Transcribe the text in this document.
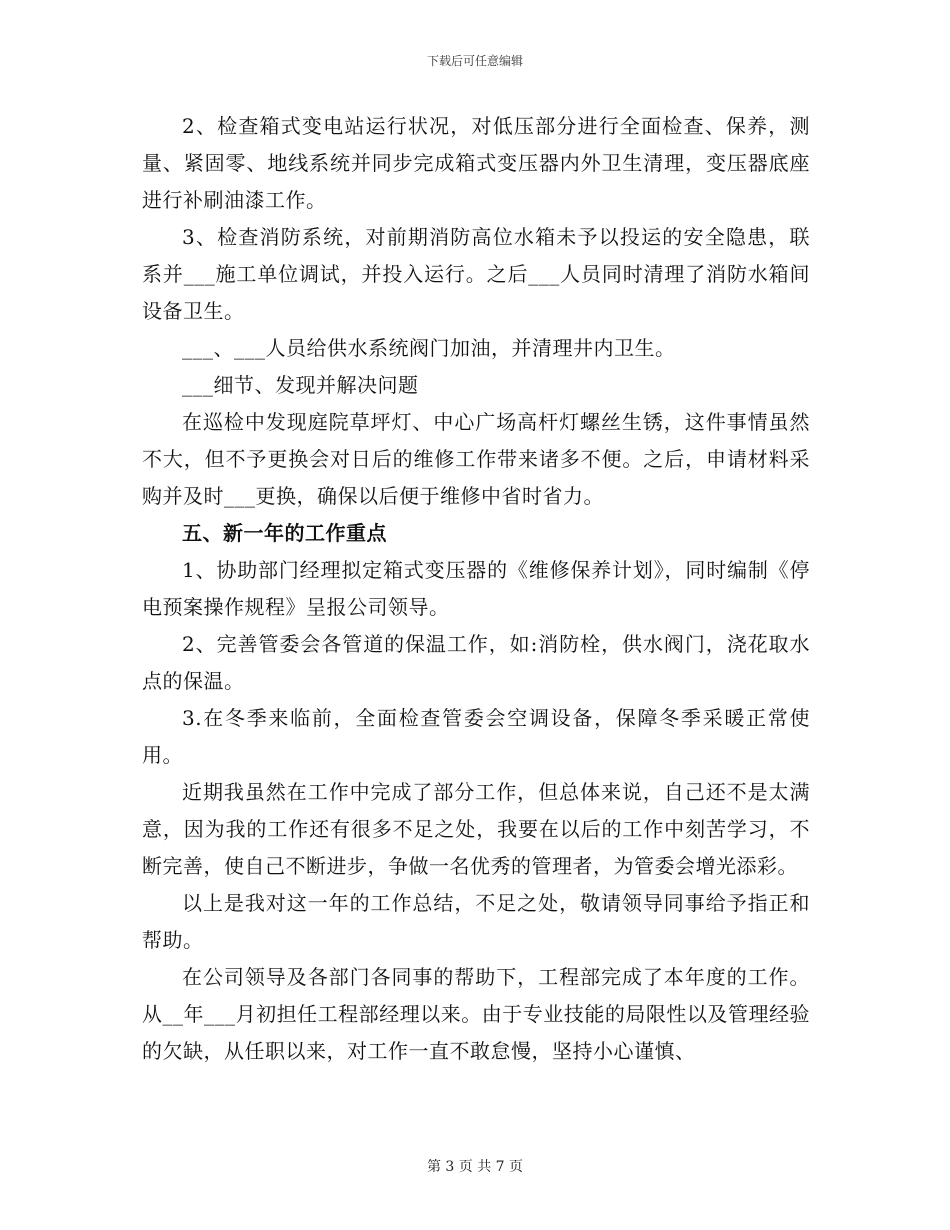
下载后可任意编辑

2、检查箱式变电站运行状况，对低压部分进行全面检查、保养，测量、紧固零、地线系统并同步完成箱式变压器内外卫生清理，变压器底座进行补刷油漆工作。

3、检查消防系统，对前期消防高位水箱未予以投运的安全隐患，联系并___施工单位调试，并投入运行。之后___人员同时清理了消防水箱间设备卫生。

___、___人员给供水系统阀门加油，并清理井内卫生。

___细节、发现并解决问题

在巡检中发现庭院草坪灯、中心广场高杆灯螺丝生锈，这件事情虽然不大，但不予更换会对日后的维修工作带来诸多不便。之后，申请材料采购并及时___更换，确保以后便于维修中省时省力。

五、新一年的工作重点

1、协助部门经理拟定箱式变压器的《维修保养计划》，同时编制《停电预案操作规程》呈报公司领导。

2、完善管委会各管道的保温工作，如:消防栓，供水阀门，浇花取水点的保温。

3.在冬季来临前，全面检查管委会空调设备，保障冬季采暖正常使用。

近期我虽然在工作中完成了部分工作，但总体来说，自己还不是太满意，因为我的工作还有很多不足之处，我要在以后的工作中刻苦学习，不断完善，使自己不断进步，争做一名优秀的管理者，为管委会增光添彩。

以上是我对这一年的工作总结，不足之处，敬请领导同事给予指正和帮助。

在公司领导及各部门各同事的帮助下，工程部完成了本年度的工作。从__年___月初担任工程部经理以来。由于专业技能的局限性以及管理经验的欠缺，从任职以来，对工作一直不敢怠慢，坚持小心谨慎、

第 3 页 共 7 页
